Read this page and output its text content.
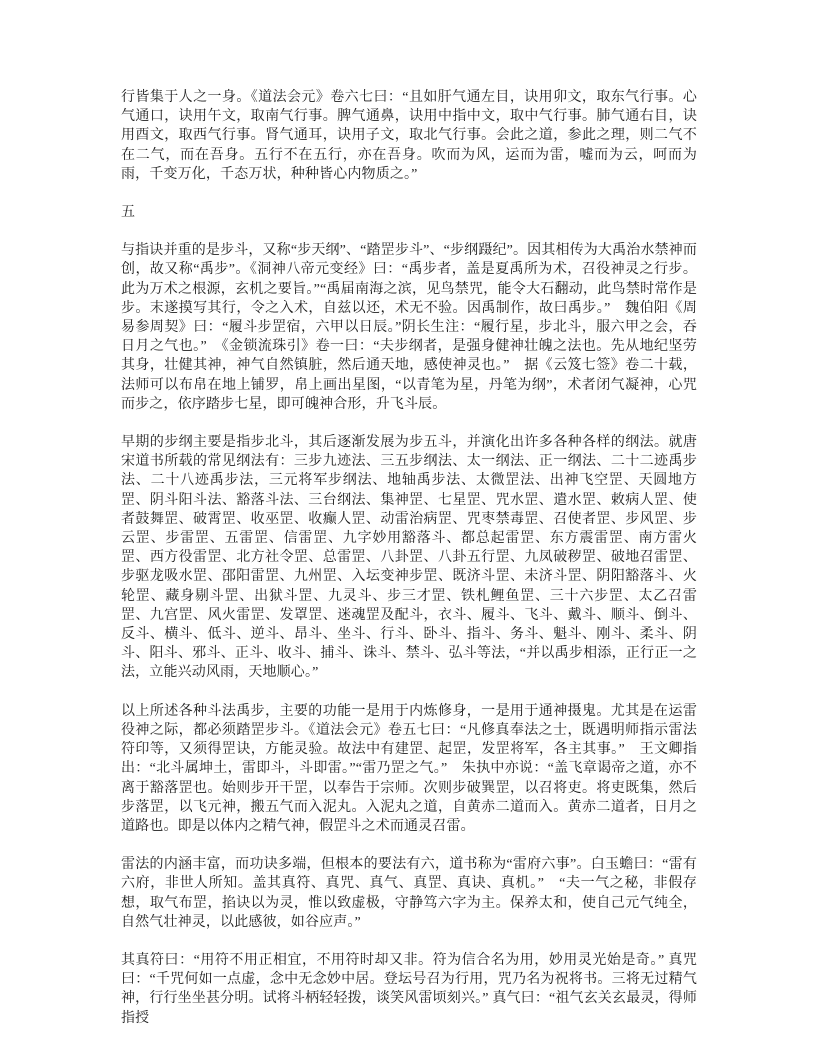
行皆集于人之一身。《道法会元》卷六七曰：“且如肝气通左目，诀用卯文，取东气行事。心气通口，诀用午文，取南气行事。脾气通鼻，诀用中指中文，取中气行事。肺气通右目，诀用酉文，取西气行事。肾气通耳，诀用子文，取北气行事。会此之道，参此之理，则二气不在二气，而在吾身。五行不在五行，亦在吾身。吹而为风，运而为雷，嘘而为云，呵而为雨，千变万化，千态万状，种种皆心内物质之。”

五

与指诀并重的是步斗，又称“步天纲”、“踏罡步斗”、“步纲蹑纪”。因其相传为大禹治水禁神而创，故又称“禹步”。《洞神八帝元变经》曰：“禹步者，盖是夏禹所为术，召役神灵之行步。此为万术之根源，玄机之要旨。”“禹届南海之滨，见鸟禁咒，能令大石翻动，此鸟禁时常作是步。末遂摸写其行，令之入术，自兹以还，术无不验。因禹制作，故曰禹步。”　魏伯阳《周易参周契》曰：“履斗步罡宿，六甲以日辰。”阴长生注：“履行星，步北斗，服六甲之会，吞日月之气也。”　《金锁流珠引》卷一曰：“夫步纲者，是强身健神壮魄之法也。先从地纪坚劳其身，壮健其神，神气自然镇脏，然后通天地，感使神灵也。”　据《云笈七签》卷二十载，法师可以布帛在地上铺罗，帛上画出星图，“以青笔为星，丹笔为纲”，术者闭气凝神，心咒而步之，依序踏步七星，即可魄神合形，升飞斗辰。

早期的步纲主要是指步北斗，其后逐渐发展为步五斗，并演化出许多各种各样的纲法。就唐宋道书所载的常见纲法有：三步九迹法、三五步纲法、太一纲法、正一纲法、二十二迹禹步法、二十八迹禹步法，三元将军步纲法、地轴禹步法、太微罡法、出神飞空罡、天圆地方罡、阴斗阳斗法、豁落斗法、三台纲法、集神罡、七星罡、咒水罡、遣水罡、敕病人罡、使者鼓舞罡、破霄罡、收巫罡、收癫人罡、动雷治病罡、咒枣禁毒罡、召使者罡、步风罡、步云罡、步雷罡、五雷罡、信雷罡、九字妙用豁落斗、都总起雷罡、东方震雷罡、南方雷火罡、西方役雷罡、北方社令罡、总雷罡、八卦罡、八卦五行罡、九凤破秽罡、破地召雷罡、步驱龙吸水罡、邵阳雷罡、九州罡、入坛变神步罡、既济斗罡、未济斗罡、阴阳豁落斗、火轮罡、藏身剔斗罡、出狱斗罡、九灵斗、步三才罡、铁札鲤鱼罡、三十六步罡、太乙召雷罡、九宫罡、风火雷罡、发罩罡、迷魂罡及配斗，衣斗、履斗、飞斗、戴斗、顺斗、倒斗、反斗、横斗、低斗、逆斗、昂斗、坐斗、行斗、卧斗、指斗、务斗、魁斗、刚斗、柔斗、阴斗、阳斗、邪斗、正斗、收斗、捕斗、诛斗、禁斗、弘斗等法，“并以禹步相添，正行正一之法，立能兴动风雨，天地顺心。”

以上所述各种斗法禹步，主要的功能一是用于内炼修身，一是用于通神摄鬼。尤其是在运雷役神之际，都必须踏罡步斗。《道法会元》卷五七曰：“凡修真奉法之士，既遇明师指示雷法符印等，又须得罡诀，方能灵验。故法中有建罡、起罡，发罡将军，各主其事。”　王文卿指出：“北斗属坤土，雷即斗，斗即雷。”“雷乃罡之气。”　朱执中亦说：“盖飞章谒帝之道，亦不离于豁落罡也。始则步开干罡，以奉告于宗师。次则步破巽罡，以召将吏。将吏既集，然后步落罡，以飞元神，搬五气而入泥丸。入泥丸之道，自黄赤二道而入。黄赤二道者，日月之道路也。即是以体内之精气神，假罡斗之术而通灵召雷。

雷法的内涵丰富，而功诀多端，但根本的要法有六，道书称为“雷府六事”。白玉蟾曰：“雷有六府，非世人所知。盖其真符、真咒、真气、真罡、真诀、真机。”　“夫一气之秘，非假存想，取气布罡，掐诀以为灵，惟以致虚极，守静笃六字为主。保养太和，使自己元气纯全，自然气壮神灵，以此感彼，如谷应声。”

其真符曰：“用符不用正相宜，不用符时却又非。符为信合名为用，妙用灵光始是奇。” 真咒曰：“千咒何如一点虚，念中无念妙中居。登坛号召为行用，咒乃名为祝将书。三将无过精气神，行行坐坐甚分明。试将斗柄轻轻拨，谈笑风雷顷刻兴。” 真气曰：“祖气玄关玄最灵，得师指授
